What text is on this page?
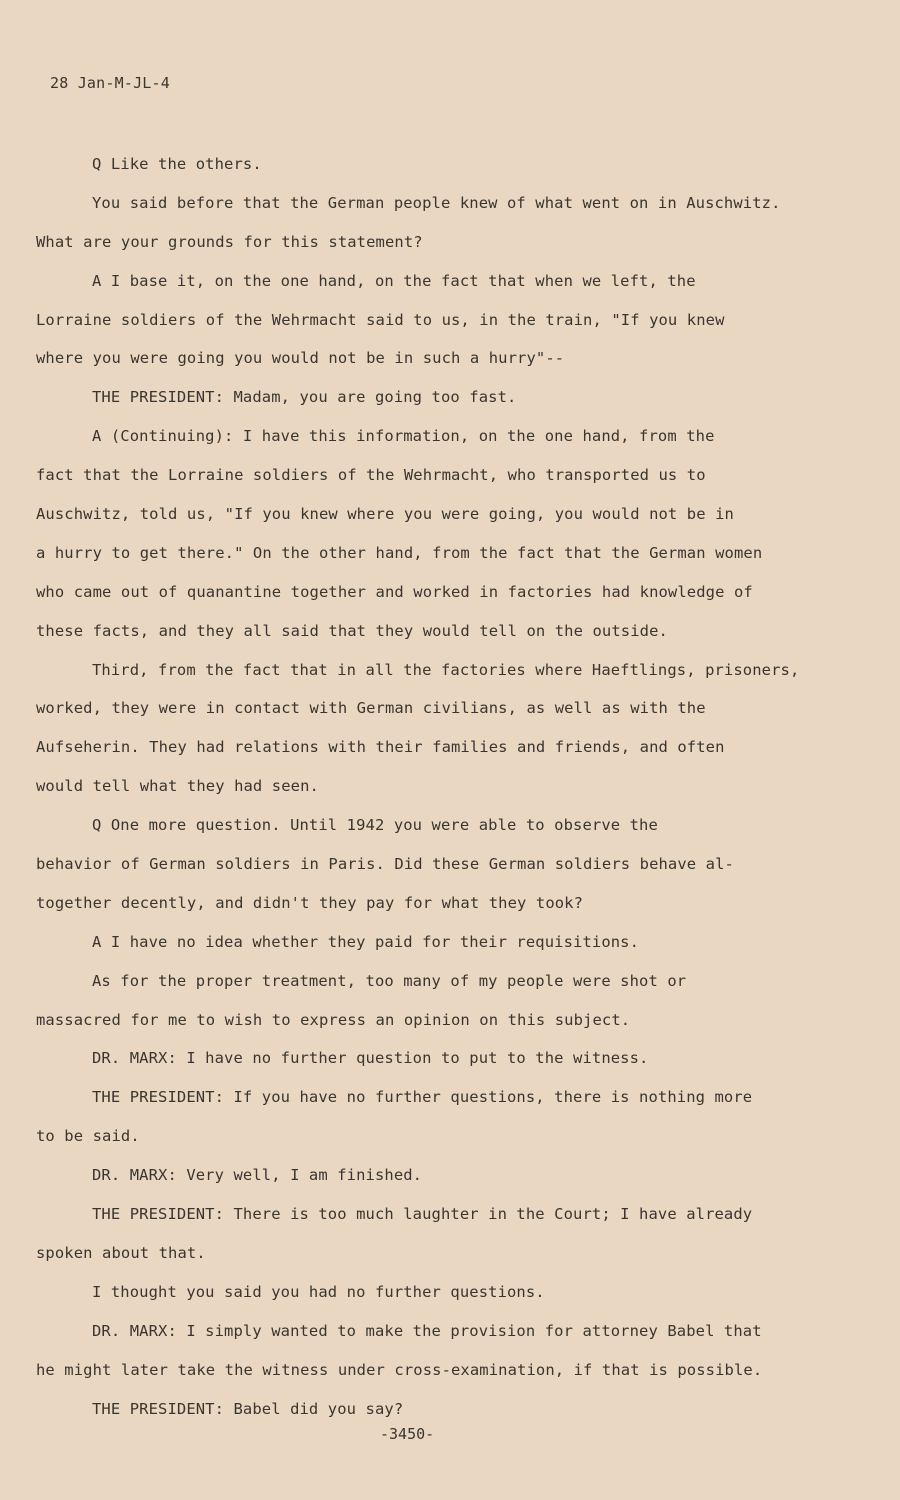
28 Jan-M-JL-4
Q Like the others.
You said before that the German people knew of what went on in Auschwitz.
What are your grounds for this statement?
A I base it, on the one hand, on the fact that when we left, the
Lorraine soldiers of the Wehrmacht said to us, in the train, "If you knew
where you were going you would not be in such a hurry"--
THE PRESIDENT: Madam, you are going too fast.
A (Continuing): I have this information, on the one hand, from the
fact that the Lorraine soldiers of the Wehrmacht, who transported us to
Auschwitz, told us, "If you knew where you were going, you would not be in
a hurry to get there." On the other hand, from the fact that the German women
who came out of quanantine together and worked in factories had knowledge of
these facts, and they all said that they would tell on the outside.
Third, from the fact that in all the factories where Haeftlings, prisoners,
worked, they were in contact with German civilians, as well as with the
Aufseherin. They had relations with their families and friends, and often
would tell what they had seen.
Q One more question. Until 1942 you were able to observe the
behavior of German soldiers in Paris. Did these German soldiers behave al-
together decently, and didn't they pay for what they took?
A I have no idea whether they paid for their requisitions.
As for the proper treatment, too many of my people were shot or
massacred for me to wish to express an opinion on this subject.
DR. MARX: I have no further question to put to the witness.
THE PRESIDENT: If you have no further questions, there is nothing more
to be said.
DR. MARX: Very well, I am finished.
THE PRESIDENT: There is too much laughter in the Court; I have already
spoken about that.
I thought you said you had no further questions.
DR. MARX: I simply wanted to make the provision for attorney Babel that
he might later take the witness under cross-examination, if that is possible.
THE PRESIDENT: Babel did you say?
-3450-
